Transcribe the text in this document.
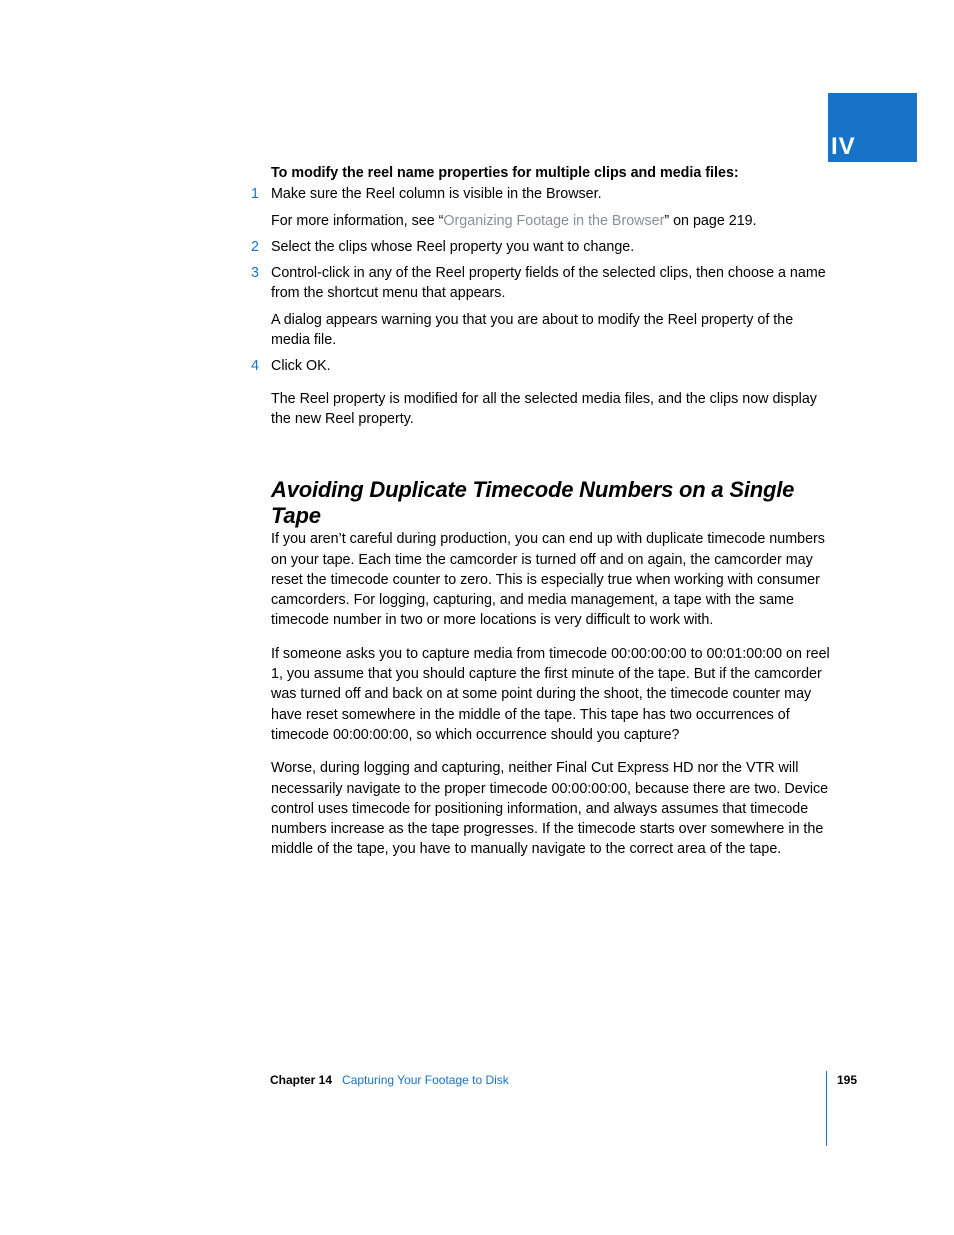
IV

To modify the reel name properties for multiple clips and media files:

1 Make sure the Reel column is visible in the Browser.

For more information, see “Organizing Footage in the Browser” on page 219.

2 Select the clips whose Reel property you want to change.
3 Control-click in any of the Reel property fields of the selected clips, then choose a name from the shortcut menu that appears.

A dialog appears warning you that you are about to modify the Reel property of the media file.

4 Click OK.

The Reel property is modified for all the selected media files, and the clips now display the new Reel property.

Avoiding Duplicate Timecode Numbers on a Single Tape

If you aren’t careful during production, you can end up with duplicate timecode numbers on your tape. Each time the camcorder is turned off and on again, the camcorder may reset the timecode counter to zero. This is especially true when working with consumer camcorders. For logging, capturing, and media management, a tape with the same timecode number in two or more locations is very difficult to work with.

If someone asks you to capture media from timecode 00:00:00:00 to 00:01:00:00 on reel 1, you assume that you should capture the first minute of the tape. But if the camcorder was turned off and back on at some point during the shoot, the timecode counter may have reset somewhere in the middle of the tape. This tape has two occurrences of timecode 00:00:00:00, so which occurrence should you capture?

Worse, during logging and capturing, neither Final Cut Express HD nor the VTR will necessarily navigate to the proper timecode 00:00:00:00, because there are two. Device control uses timecode for positioning information, and always assumes that timecode numbers increase as the tape progresses. If the timecode starts over somewhere in the middle of the tape, you have to manually navigate to the correct area of the tape.

Chapter 14 Capturing Your Footage to Disk	195
